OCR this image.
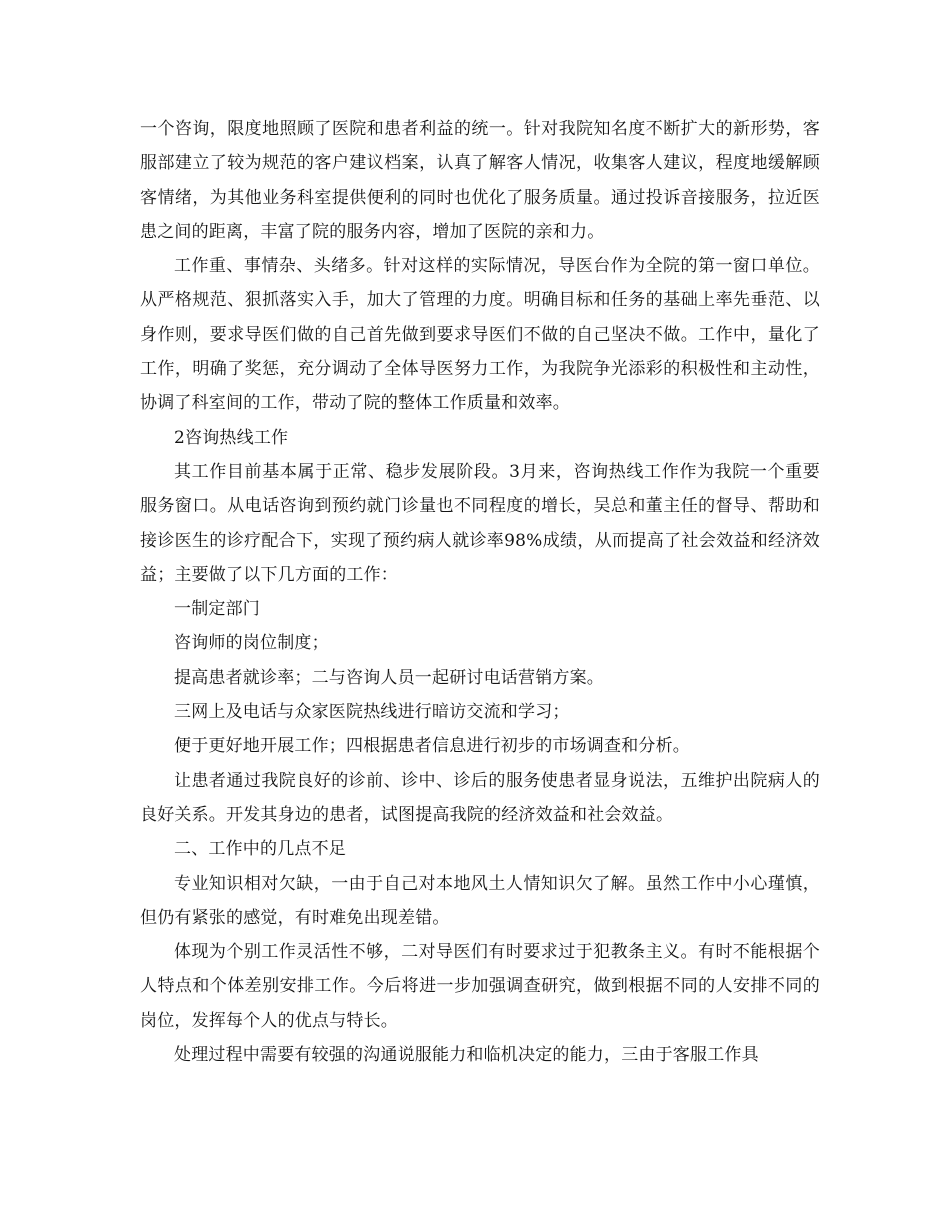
一个咨询，限度地照顾了医院和患者利益的统一。针对我院知名度不断扩大的新形势，客服部建立了较为规范的客户建议档案，认真了解客人情况，收集客人建议，程度地缓解顾客情绪，为其他业务科室提供便利的同时也优化了服务质量。通过投诉音接服务，拉近医患之间的距离，丰富了院的服务内容，增加了医院的亲和力。

工作重、事情杂、头绪多。针对这样的实际情况，导医台作为全院的第一窗口单位。从严格规范、狠抓落实入手，加大了管理的力度。明确目标和任务的基础上率先垂范、以身作则，要求导医们做的自己首先做到要求导医们不做的自己坚决不做。工作中，量化了工作，明确了奖惩，充分调动了全体导医努力工作，为我院争光添彩的积极性和主动性，协调了科室间的工作，带动了院的整体工作质量和效率。

2咨询热线工作

其工作目前基本属于正常、稳步发展阶段。3月来，咨询热线工作作为我院一个重要服务窗口。从电话咨询到预约就门诊量也不同程度的增长，吴总和董主任的督导、帮助和接诊医生的诊疗配合下，实现了预约病人就诊率98%成绩，从而提高了社会效益和经济效益；主要做了以下几方面的工作：

一制定部门

咨询师的岗位制度；

提高患者就诊率；二与咨询人员一起研讨电话营销方案。

三网上及电话与众家医院热线进行暗访交流和学习；

便于更好地开展工作；四根据患者信息进行初步的市场调查和分析。

让患者通过我院良好的诊前、诊中、诊后的服务使患者显身说法，五维护出院病人的良好关系。开发其身边的患者，试图提高我院的经济效益和社会效益。

二、工作中的几点不足

专业知识相对欠缺，一由于自己对本地风土人情知识欠了解。虽然工作中小心瑾慎，但仍有紧张的感觉，有时难免出现差错。

体现为个别工作灵活性不够，二对导医们有时要求过于犯教条主义。有时不能根据个人特点和个体差别安排工作。今后将进一步加强调查研究，做到根据不同的人安排不同的岗位，发挥每个人的优点与特长。

处理过程中需要有较强的沟通说服能力和临机决定的能力，三由于客服工作具
